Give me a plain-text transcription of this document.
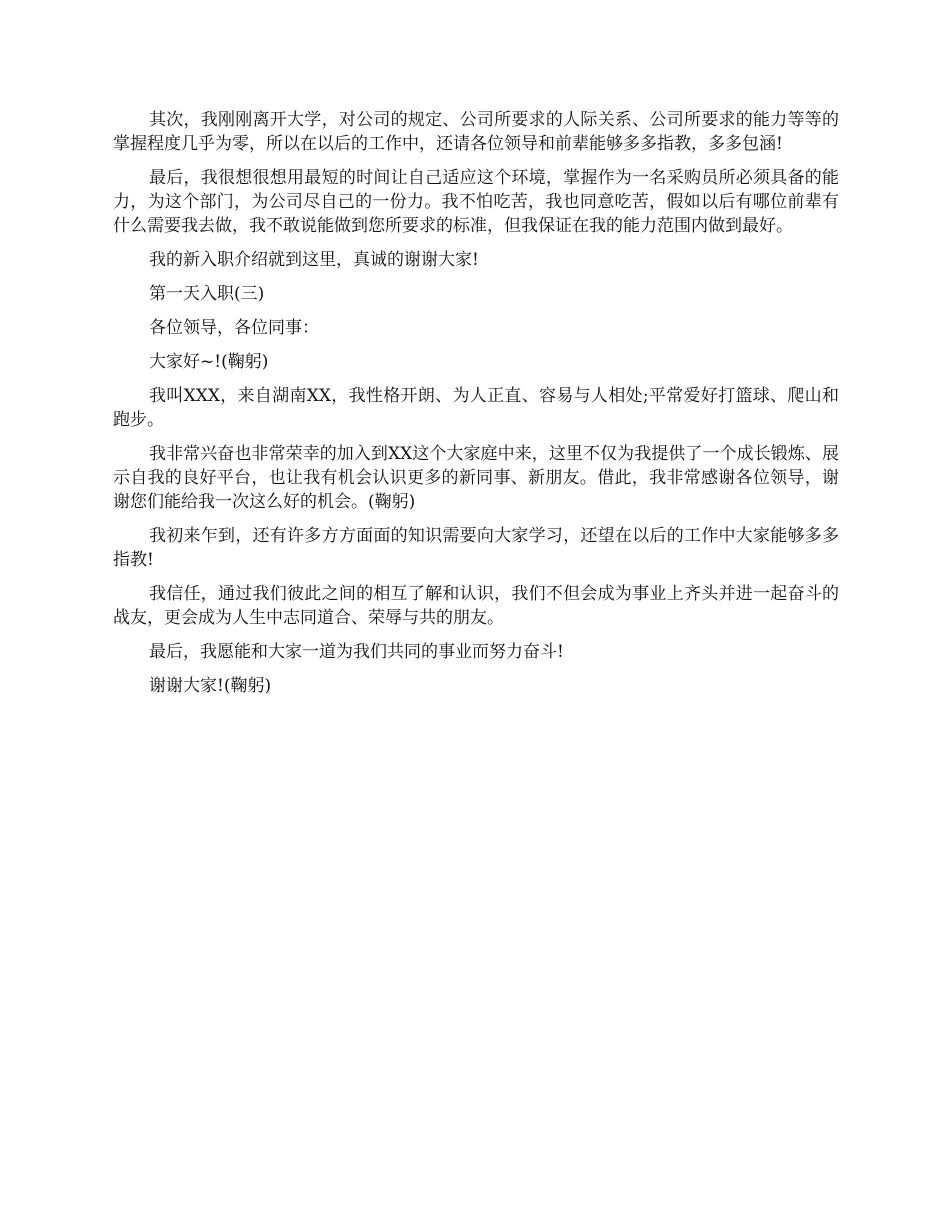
其次，我刚刚离开大学，对公司的规定、公司所要求的人际关系、公司所要求的能力等等的掌握程度几乎为零，所以在以后的工作中，还请各位领导和前辈能够多多指教，多多包涵!

最后，我很想很想用最短的时间让自己适应这个环境，掌握作为一名采购员所必须具备的能力，为这个部门，为公司尽自己的一份力。我不怕吃苦，我也同意吃苦，假如以后有哪位前辈有什么需要我去做，我不敢说能做到您所要求的标准，但我保证在我的能力范围内做到最好。

我的新入职介绍就到这里，真诚的谢谢大家!

第一天入职(三)

各位领导，各位同事：

大家好~!(鞠躬)

我叫XXX，来自湖南XX，我性格开朗、为人正直、容易与人相处;平常爱好打篮球、爬山和跑步。

我非常兴奋也非常荣幸的加入到XX这个大家庭中来，这里不仅为我提供了一个成长锻炼、展示自我的良好平台，也让我有机会认识更多的新同事、新朋友。借此，我非常感谢各位领导，谢谢您们能给我一次这么好的机会。(鞠躬)

我初来乍到，还有许多方方面面的知识需要向大家学习，还望在以后的工作中大家能够多多指教!

我信任，通过我们彼此之间的相互了解和认识，我们不但会成为事业上齐头并进一起奋斗的战友，更会成为人生中志同道合、荣辱与共的朋友。

最后，我愿能和大家一道为我们共同的事业而努力奋斗!

谢谢大家!(鞠躬)
